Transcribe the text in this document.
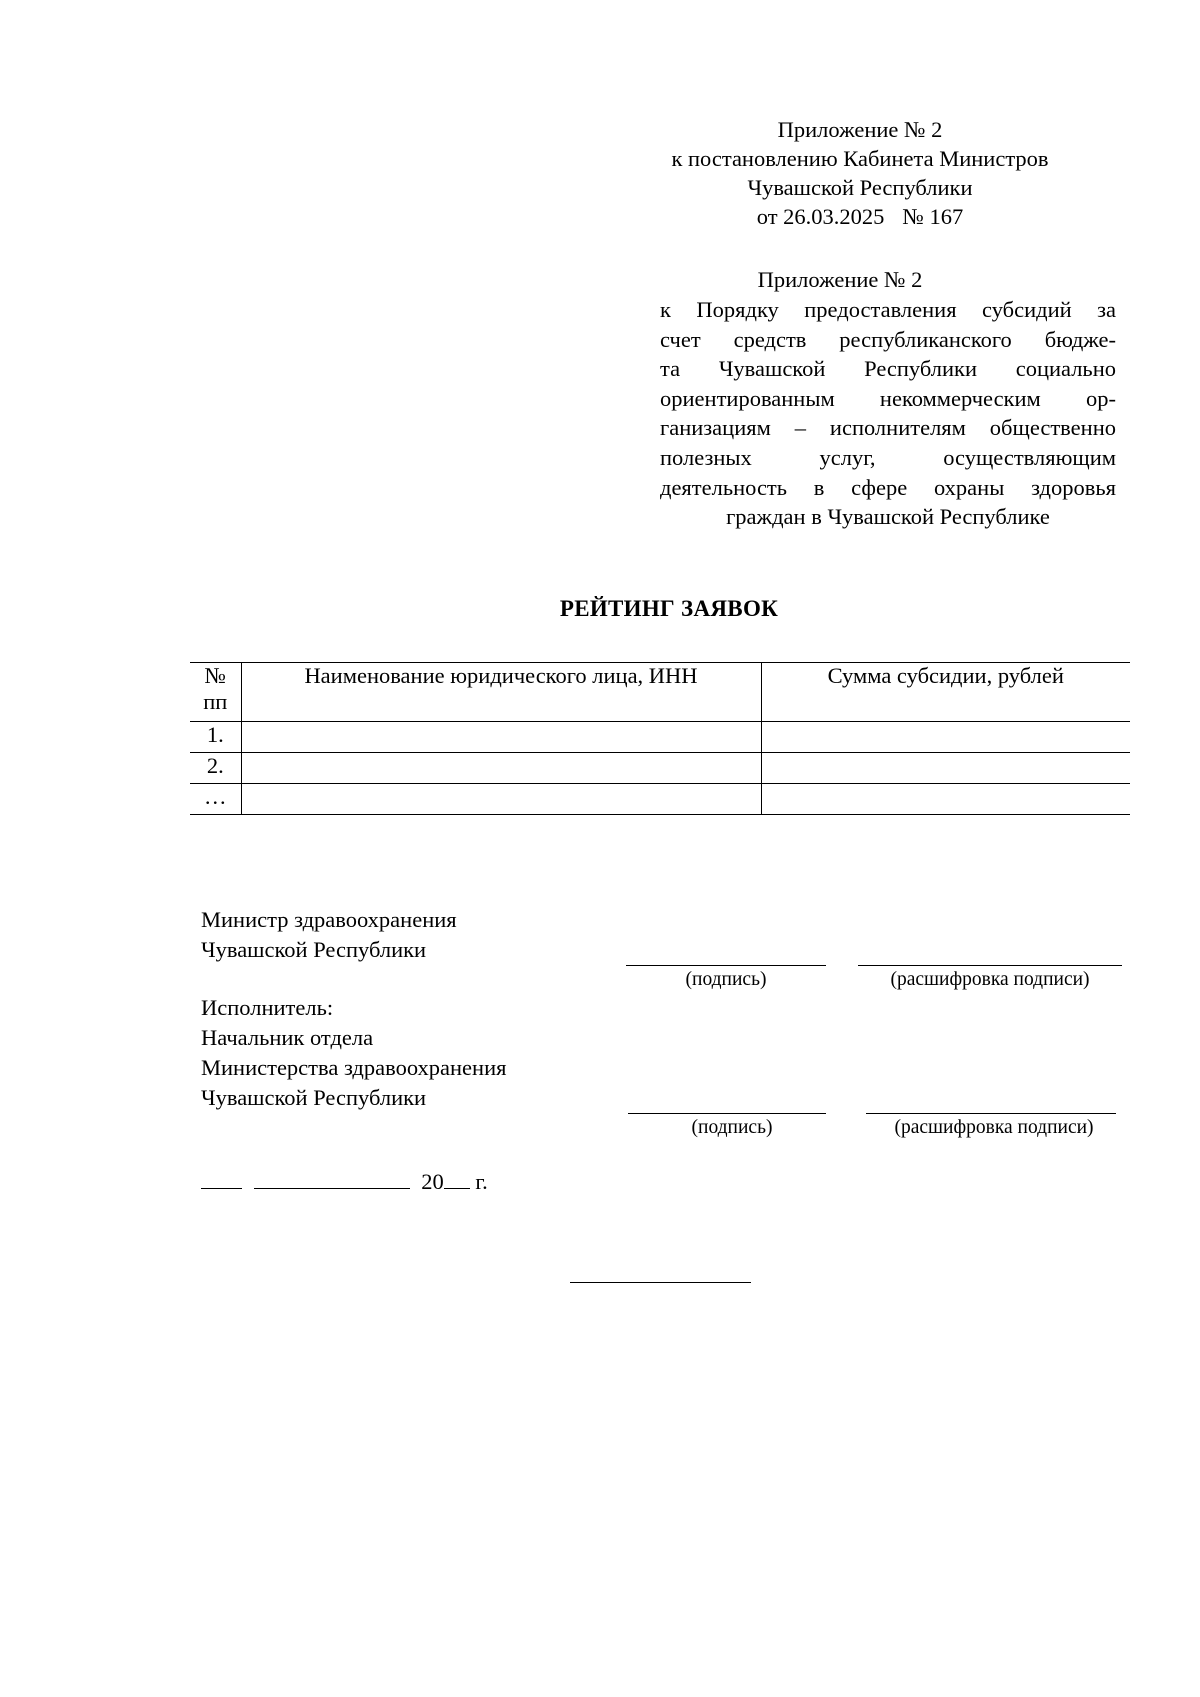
Приложение № 2
к постановлению Кабинета Министров
Чувашской Республики
от 26.03.2025 № 167
Приложение № 2
к Порядку предоставления субсидий за
счет средств республиканского бюдже-
та Чувашской Республики социально
ориентированным некоммерческим ор-
ганизациям – исполнителям общественно
полезных услуг, осуществляющим
деятельность в сфере охраны здоровья
граждан в Чувашской Республике
РЕЙТИНГ ЗАЯВОК
№ пп	Наименование юридического лица, ИНН	Сумма субсидии, рублей
1.		
2.		
…		
Министр здравоохранения
Чувашской Республики
(подпись)	(расшифровка подписи)
Исполнитель:
Начальник отдела
Министерства здравоохранения
Чувашской Республики
(подпись)	(расшифровка подписи)
20 г.
